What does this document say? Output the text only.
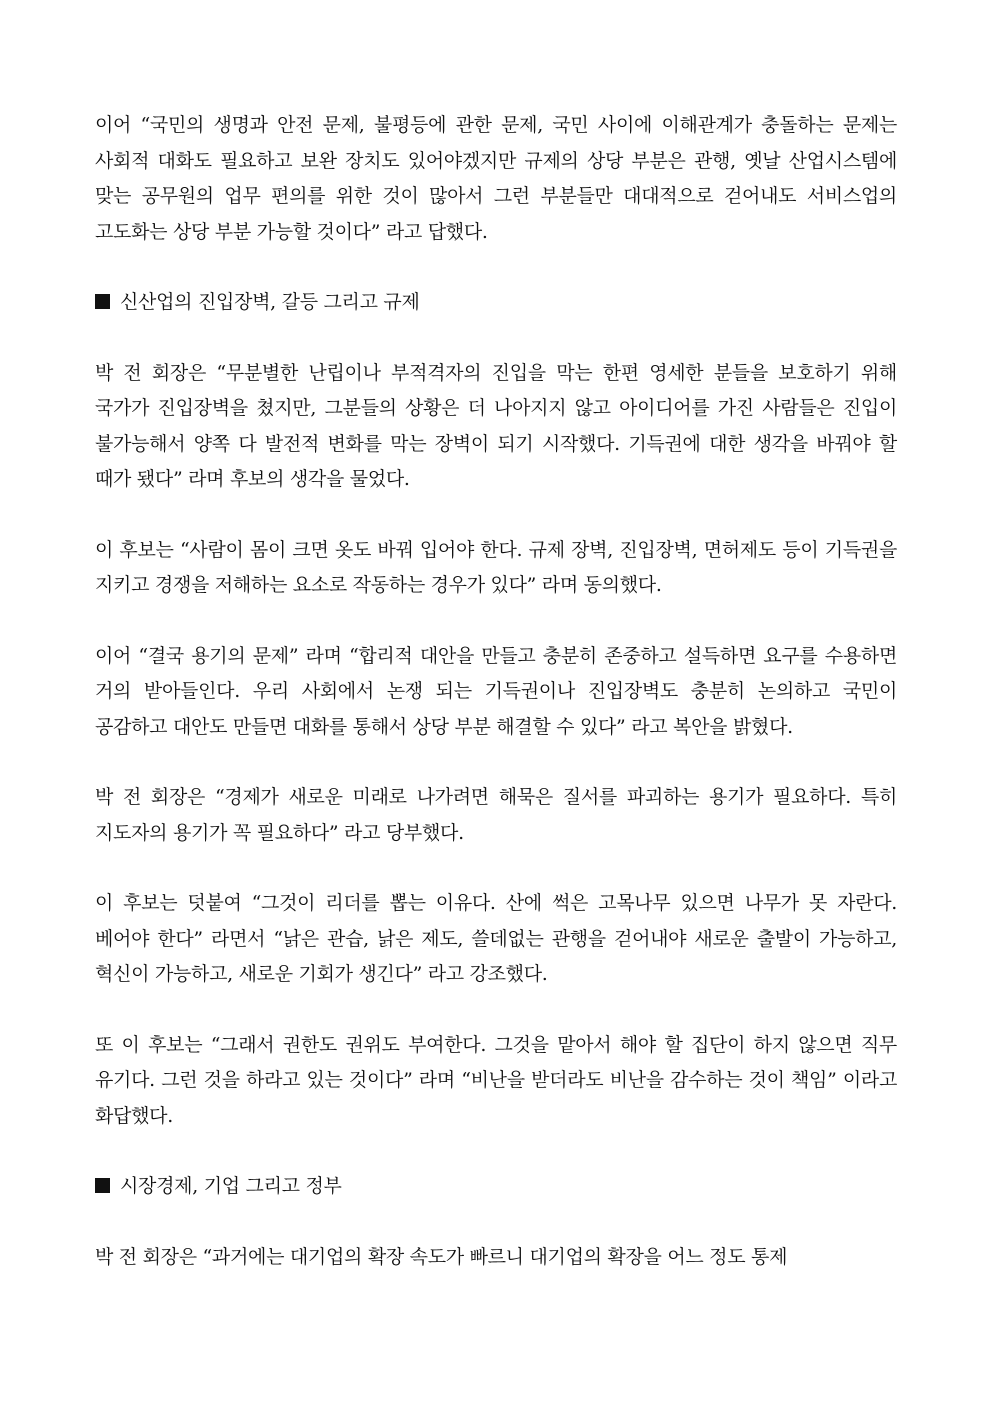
이어 “국민의 생명과 안전 문제, 불평등에 관한 문제, 국민 사이에 이해관계가 충돌하는 문제는 사회적 대화도 필요하고 보완 장치도 있어야겠지만 규제의 상당 부분은 관행, 옛날 산업시스템에 맞는 공무원의 업무 편의를 위한 것이 많아서 그런 부분들만 대대적으로 걷어내도 서비스업의 고도화는 상당 부분 가능할 것이다” 라고 답했다.

신산업의 진입장벽, 갈등 그리고 규제

박 전 회장은 “무분별한 난립이나 부적격자의 진입을 막는 한편 영세한 분들을 보호하기 위해 국가가 진입장벽을 쳤지만, 그분들의 상황은 더 나아지지 않고 아이디어를 가진 사람들은 진입이 불가능해서 양쪽 다 발전적 변화를 막는 장벽이 되기 시작했다. 기득권에 대한 생각을 바꿔야 할 때가 됐다” 라며 후보의 생각을 물었다.

이 후보는 “사람이 몸이 크면 옷도 바꿔 입어야 한다. 규제 장벽, 진입장벽, 면허제도 등이 기득권을 지키고 경쟁을 저해하는 요소로 작동하는 경우가 있다” 라며 동의했다.

이어 “결국 용기의 문제” 라며 “합리적 대안을 만들고 충분히 존중하고 설득하면 요구를 수용하면 거의 받아들인다. 우리 사회에서 논쟁 되는 기득권이나 진입장벽도 충분히 논의하고 국민이 공감하고 대안도 만들면 대화를 통해서 상당 부분 해결할 수 있다” 라고 복안을 밝혔다.

박 전 회장은 “경제가 새로운 미래로 나가려면 해묵은 질서를 파괴하는 용기가 필요하다. 특히 지도자의 용기가 꼭 필요하다” 라고 당부했다.

이 후보는 덧붙여 “그것이 리더를 뽑는 이유다. 산에 썩은 고목나무 있으면 나무가 못 자란다. 베어야 한다” 라면서 “낡은 관습, 낡은 제도, 쓸데없는 관행을 걷어내야 새로운 출발이 가능하고, 혁신이 가능하고, 새로운 기회가 생긴다” 라고 강조했다.

또 이 후보는 “그래서 권한도 권위도 부여한다. 그것을 맡아서 해야 할 집단이 하지 않으면 직무 유기다. 그런 것을 하라고 있는 것이다” 라며 “비난을 받더라도 비난을 감수하는 것이 책임” 이라고 화답했다.

시장경제, 기업 그리고 정부

박 전 회장은 “과거에는 대기업의 확장 속도가 빠르니 대기업의 확장을 어느 정도 통제
